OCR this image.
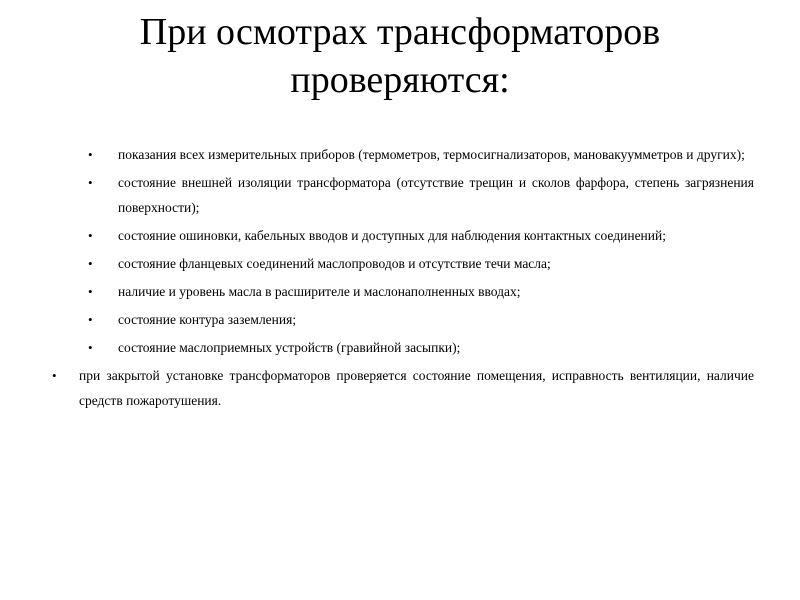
При осмотрах трансформаторов
проверяются:
• показания всех измерительных приборов (термометров, термосигнализаторов, мановакуумметров и других);
• состояние внешней изоляции трансформатора (отсутствие трещин и сколов фарфора, степень загрязнения поверхности);
• состояние ошиновки, кабельных вводов и доступных для наблюдения контактных соединений;
• состояние фланцевых соединений маслопроводов и отсутствие течи масла;
• наличие и уровень масла в расширителе и маслонаполненных вводах;
• состояние контура заземления;
• состояние маслоприемных устройств (гравийной засыпки);
• при закрытой установке трансформаторов проверяется состояние помещения, исправность вентиляции, наличие средств пожаротушения.
